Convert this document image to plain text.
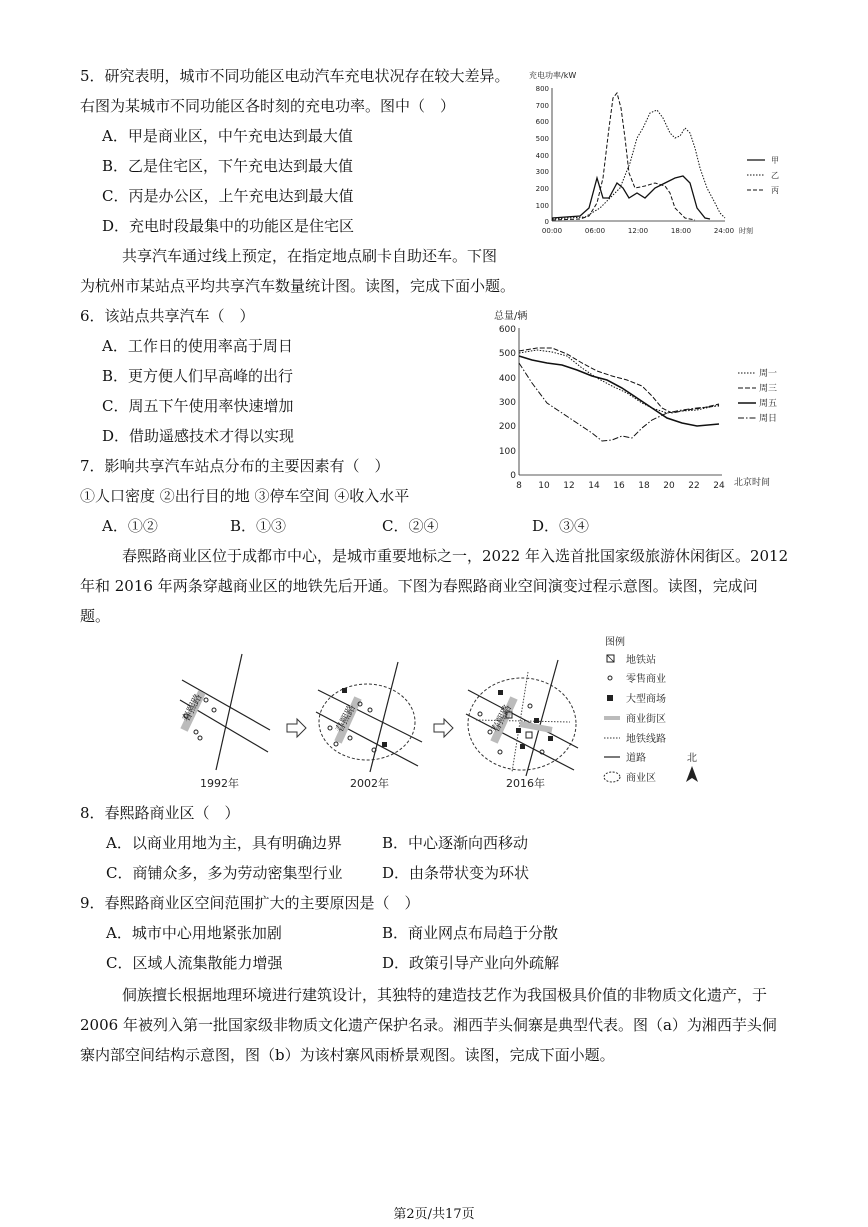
5．研究表明，城市不同功能区电动汽车充电状况存在较大差异。
右图为某城市不同功能区各时刻的充电功率。图中（　）
A．甲是商业区，中午充电达到最大值
B．乙是住宅区，下午充电达到最大值
C．丙是办公区，上午充电达到最大值
D．充电时段最集中的功能区是住宅区
充电功率/kW
800
700
600
500
400
300
200
100
0
00:00	06:00	12:00	18:00	24:00 时刻
甲
乙
丙
共享汽车通过线上预定，在指定地点刷卡自助还车。下图
为杭州市某站点平均共享汽车数量统计图。读图，完成下面小题。
6．该站点共享汽车（　）
A．工作日的使用率高于周日
B．更方便人们早高峰的出行
C．周五下午使用率快速增加
D．借助遥感技术才得以实现
总量/辆
600
500
400
300
200
100
0
8 10 12 14 16 18 20 22 24 北京时间
周一
周三
周五
周日
7．影响共享汽车站点分布的主要因素有（　）
①人口密度 ②出行目的地 ③停车空间 ④收入水平
A．①②	B．①③	C．②④	D．③④
春熙路商业区位于成都市中心，是城市重要地标之一，2022 年入选首批国家级旅游休闲街区。2012
年和 2016 年两条穿越商业区的地铁先后开通。下图为春熙路商业空间演变过程示意图。读图，完成问
题。
春熙路
1992年
春熙路
2002年
春熙路
2016年
图例
地铁站
零售商业
大型商场
商业街区
地铁线路
道路
商业区
北
8．春熙路商业区（　）
A．以商业用地为主，具有明确边界	B．中心逐渐向西移动
C．商铺众多，多为劳动密集型行业	D．由条带状变为环状
9．春熙路商业区空间范围扩大的主要原因是（　）
A．城市中心用地紧张加剧	B．商业网点布局趋于分散
C．区域人流集散能力增强	D．政策引导产业向外疏解
侗族擅长根据地理环境进行建筑设计，其独特的建造技艺作为我国极具价值的非物质文化遗产，于
2006 年被列入第一批国家级非物质文化遗产保护名录。湘西芋头侗寨是典型代表。图（a）为湘西芋头侗
寨内部空间结构示意图，图（b）为该村寨风雨桥景观图。读图，完成下面小题。
第2页/共17页
